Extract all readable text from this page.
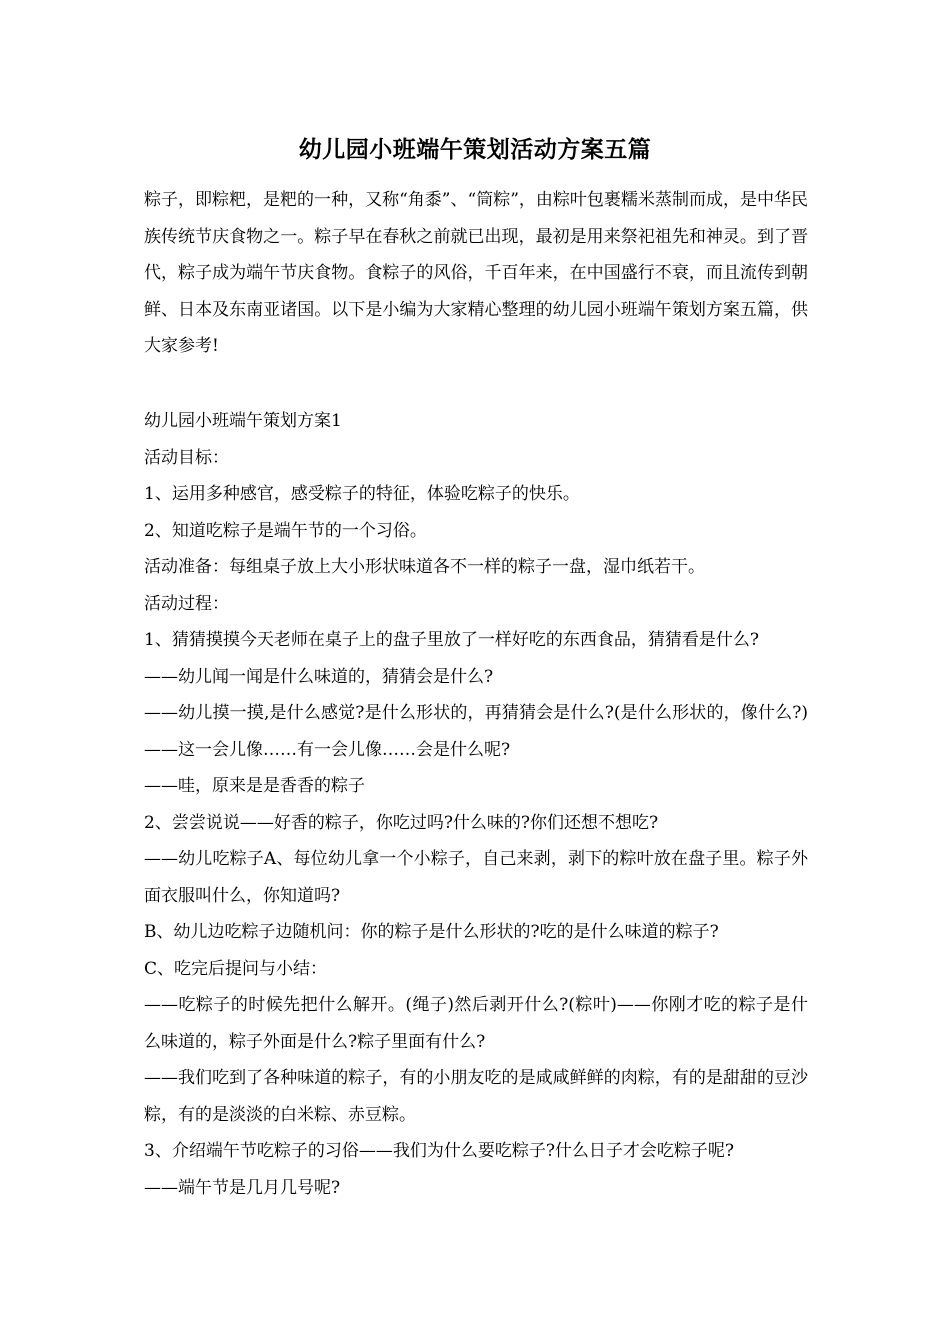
幼儿园小班端午策划活动方案五篇
粽子，即粽粑，是粑的一种，又称“角黍”、“筒粽”，由粽叶包裹糯米蒸制而成，是中华民族传统节庆食物之一。粽子早在春秋之前就已出现，最初是用来祭祀祖先和神灵。到了晋代，粽子成为端午节庆食物。食粽子的风俗，千百年来，在中国盛行不衰，而且流传到朝鲜、日本及东南亚诸国。以下是小编为大家精心整理的幼儿园小班端午策划方案五篇，供大家参考!

幼儿园小班端午策划方案1

活动目标：

1、运用多种感官，感受粽子的特征，体验吃粽子的快乐。

2、知道吃粽子是端午节的一个习俗。

活动准备：每组桌子放上大小形状味道各不一样的粽子一盘，湿巾纸若干。

活动过程：

1、猜猜摸摸今天老师在桌子上的盘子里放了一样好吃的东西食品，猜猜看是什么?

——幼儿闻一闻是什么味道的，猜猜会是什么?

——幼儿摸一摸,是什么感觉?是什么形状的，再猜猜会是什么?(是什么形状的，像什么?)——这一会儿像……有一会儿像……会是什么呢?

——哇，原来是是香香的粽子

2、尝尝说说——好香的粽子，你吃过吗?什么味的?你们还想不想吃?

——幼儿吃粽子A、每位幼儿拿一个小粽子，自己来剥，剥下的粽叶放在盘子里。粽子外面衣服叫什么，你知道吗?

B、幼儿边吃粽子边随机问：你的粽子是什么形状的?吃的是什么味道的粽子?

C、吃完后提问与小结：

——吃粽子的时候先把什么解开。(绳子)然后剥开什么?(粽叶)——你刚才吃的粽子是什么味道的，粽子外面是什么?粽子里面有什么?

——我们吃到了各种味道的粽子，有的小朋友吃的是咸咸鲜鲜的肉粽，有的是甜甜的豆沙粽，有的是淡淡的白米粽、赤豆粽。

3、介绍端午节吃粽子的习俗——我们为什么要吃粽子?什么日子才会吃粽子呢?

——端午节是几月几号呢?
